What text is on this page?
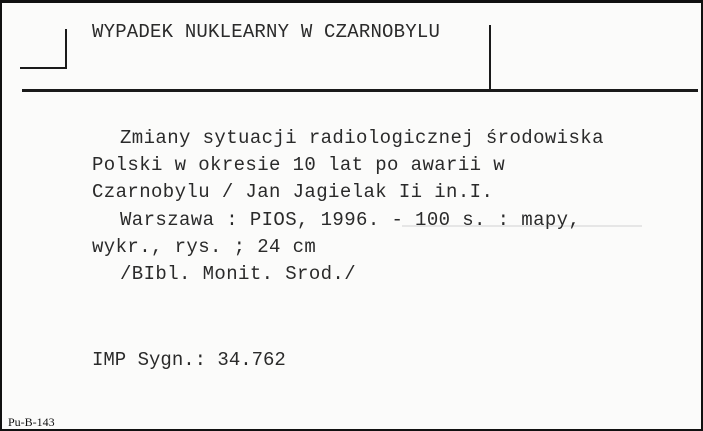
WYPADEK NUKLEARNY W CZARNOBYLU
Zmiany sytuacji radiologicznej środowiska
Polski w okresie 10 lat po awarii w
Czarnobylu / Jan Jagielak Ii in.I.
Warszawa : PIOS, 1996. - 100 s. : mapy,
wykr., rys. ; 24 cm
/BIbl. Monit. Srod./
IMP Sygn.: 34.762
Pu-B-143
